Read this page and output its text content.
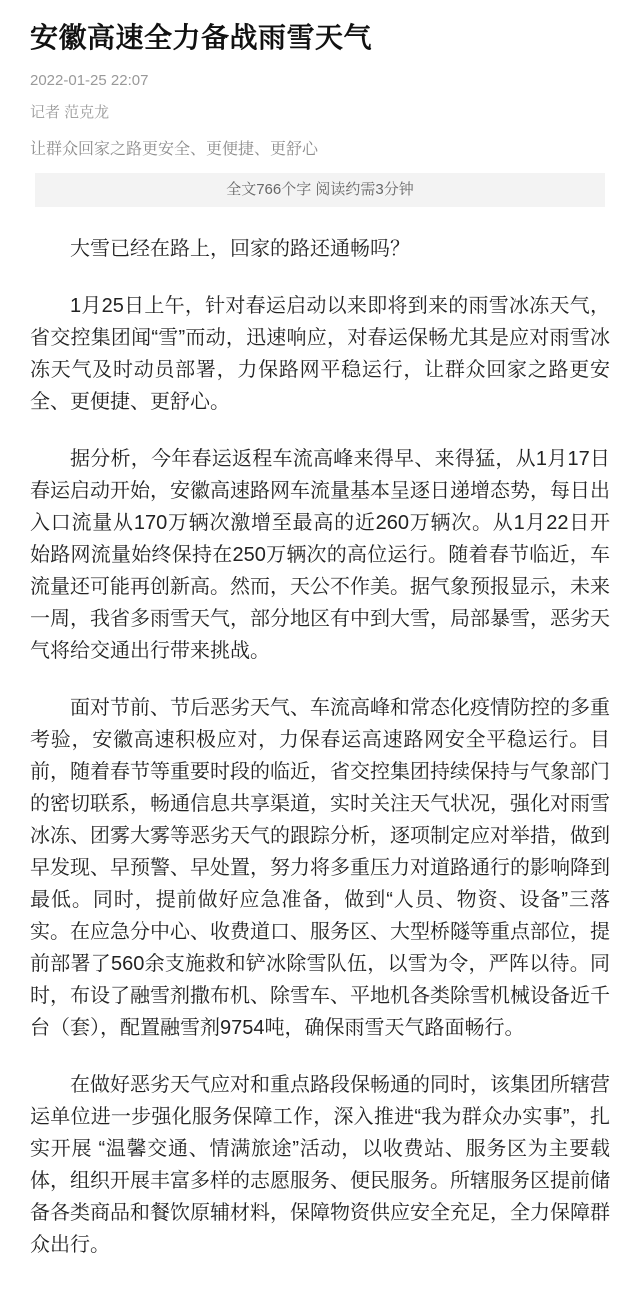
安徽高速全力备战雨雪天气
2022-01-25 22:07
记者 范克龙
让群众回家之路更安全、更便捷、更舒心
全文766个字 阅读约需3分钟

大雪已经在路上，回家的路还通畅吗？

1月25日上午，针对春运启动以来即将到来的雨雪冰冻天气，省交控集团闻“雪”而动，迅速响应，对春运保畅尤其是应对雨雪冰冻天气及时动员部署，力保路网平稳运行，让群众回家之路更安全、更便捷、更舒心。

据分析，今年春运返程车流高峰来得早、来得猛，从1月17日春运启动开始，安徽高速路网车流量基本呈逐日递增态势，每日出入口流量从170万辆次激增至最高的近260万辆次。从1月22日开始路网流量始终保持在250万辆次的高位运行。随着春节临近，车流量还可能再创新高。然而，天公不作美。据气象预报显示，未来一周，我省多雨雪天气，部分地区有中到大雪，局部暴雪，恶劣天气将给交通出行带来挑战。

面对节前、节后恶劣天气、车流高峰和常态化疫情防控的多重考验，安徽高速积极应对，力保春运高速路网安全平稳运行。目前，随着春节等重要时段的临近，省交控集团持续保持与气象部门的密切联系，畅通信息共享渠道，实时关注天气状况，强化对雨雪冰冻、团雾大雾等恶劣天气的跟踪分析，逐项制定应对举措，做到早发现、早预警、早处置，努力将多重压力对道路通行的影响降到最低。同时，提前做好应急准备，做到“人员、物资、设备”三落实。在应急分中心、收费道口、服务区、大型桥隧等重点部位，提前部署了560余支施救和铲冰除雪队伍，以雪为令，严阵以待。同时，布设了融雪剂撒布机、除雪车、平地机各类除雪机械设备近千台（套），配置融雪剂9754吨，确保雨雪天气路面畅行。

在做好恶劣天气应对和重点路段保畅通的同时，该集团所辖营运单位进一步强化服务保障工作，深入推进“我为群众办实事”，扎实开展 “温馨交通、情满旅途”活动，以收费站、服务区为主要载体，组织开展丰富多样的志愿服务、便民服务。所辖服务区提前储备各类商品和餐饮原辅材料，保障物资供应安全充足，全力保障群众出行。
